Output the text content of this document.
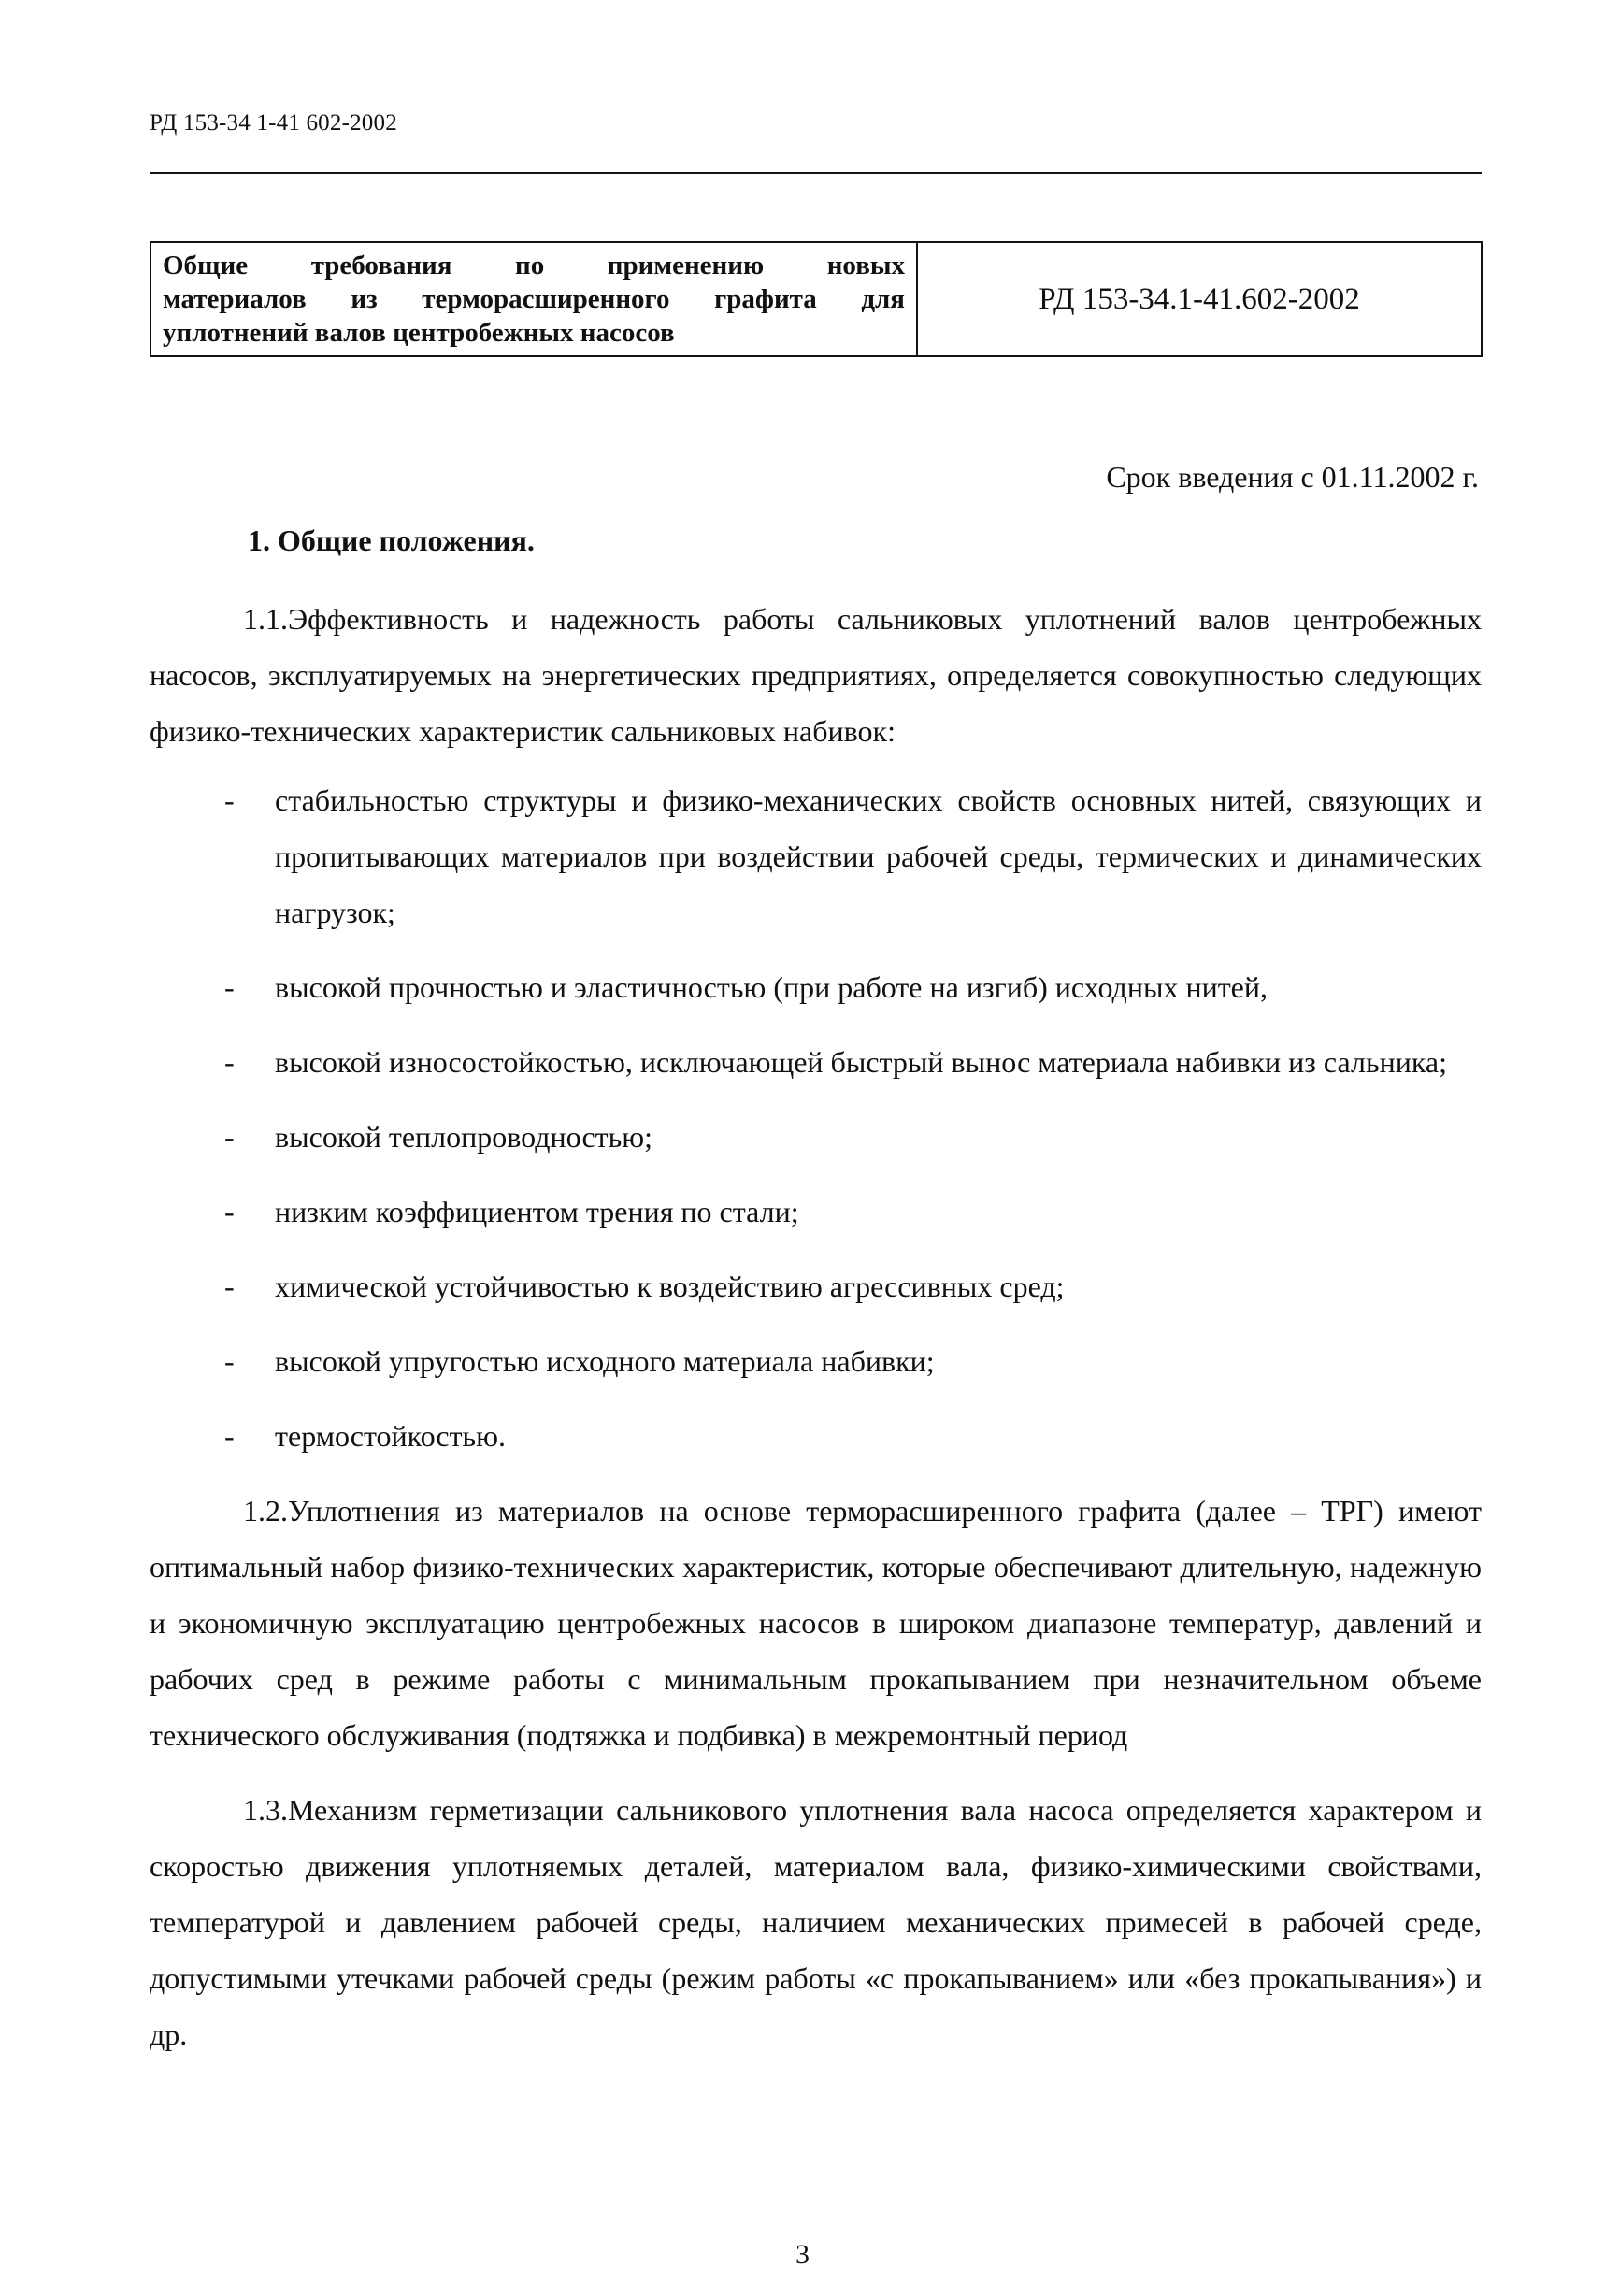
РД 153-34 1-41 602-2002
Общие требования по применению новых
материалов из терморасширенного графита для
уплотнений валов центробежных насосов
РД 153-34.1-41.602-2002
Срок введения с 01.11.2002 г.
1. Общие положения.

1.1.Эффективность и надежность работы сальниковых уплотнений валов центробежных насосов, эксплуатируемых на энергетических предприятиях, определяется совокупностью следующих физико-технических характеристик сальниковых набивок:

- стабильностью структуры и физико-механических свойств основных нитей, связующих и пропитывающих материалов при воздействии рабочей среды, термических и динамических нагрузок;
- высокой прочностью и эластичностью (при работе на изгиб) исходных нитей,
- высокой износостойкостью, исключающей быстрый вынос материала набивки из сальника;
- высокой теплопроводностью;
- низким коэффициентом трения по стали;
- химической устойчивостью к воздействию агрессивных сред;
- высокой упругостью исходного материала набивки;
- термостойкостью.

1.2.Уплотнения из материалов на основе терморасширенного графита (далее – ТРГ) имеют оптимальный набор физико-технических характеристик, которые обеспечивают длительную, надежную и экономичную эксплуатацию центробежных насосов в широком диапазоне температур, давлений и рабочих сред в режиме работы с минимальным прокапыванием при незначительном объеме технического обслуживания (подтяжка и подбивка) в межремонтный период

1.3.Механизм герметизации сальникового уплотнения вала насоса определяется характером и скоростью движения уплотняемых деталей, материалом вала, физико-химическими свойствами, температурой и давлением рабочей среды, наличием механических примесей в рабочей среде, допустимыми утечками рабочей среды (режим работы «с прокапыванием» или «без прокапывания») и др.

3
